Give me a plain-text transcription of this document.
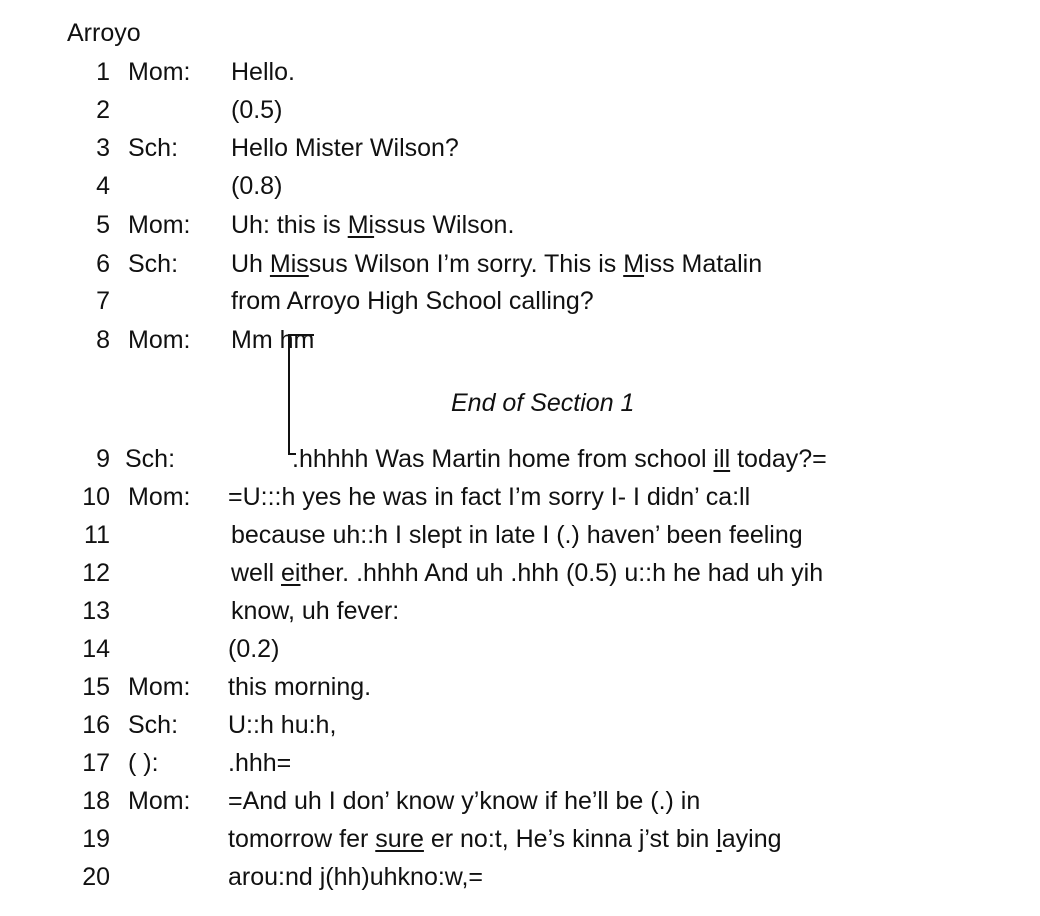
Arroyo
1 Mom: Hello.
2	(0.5)
3 Sch: Hello Mister Wilson?
4	(0.8)
5 Mom: Uh: this is Missus Wilson.
6 Sch: Uh Missus Wilson I’m sorry. This is Miss Matalin
7	from Arroyo High School calling?
8 Mom: Mm hm
9 Sch:	.hhhhh Was Martin home from school ill today?=
10 Mom: =U:::h yes he was in fact I’m sorry I- I didn’ ca:ll
11	because uh::h I slept in late I (.) haven’ been feeling
12	well either. .hhhh And uh .hhh (0.5) u::h he had uh yih
13	know, uh fever:
14	(0.2)
15 Mom: this morning.
16 Sch: U::h hu:h,
17 ( ):	.hhh=
18 Mom: =And uh I don’ know y’know if he’ll be (.) in
19	tomorrow fer sure er no:t, He’s kinna j’st bin laying
20	arou:nd j(hh)uhkno:w,=
End of Section 1
